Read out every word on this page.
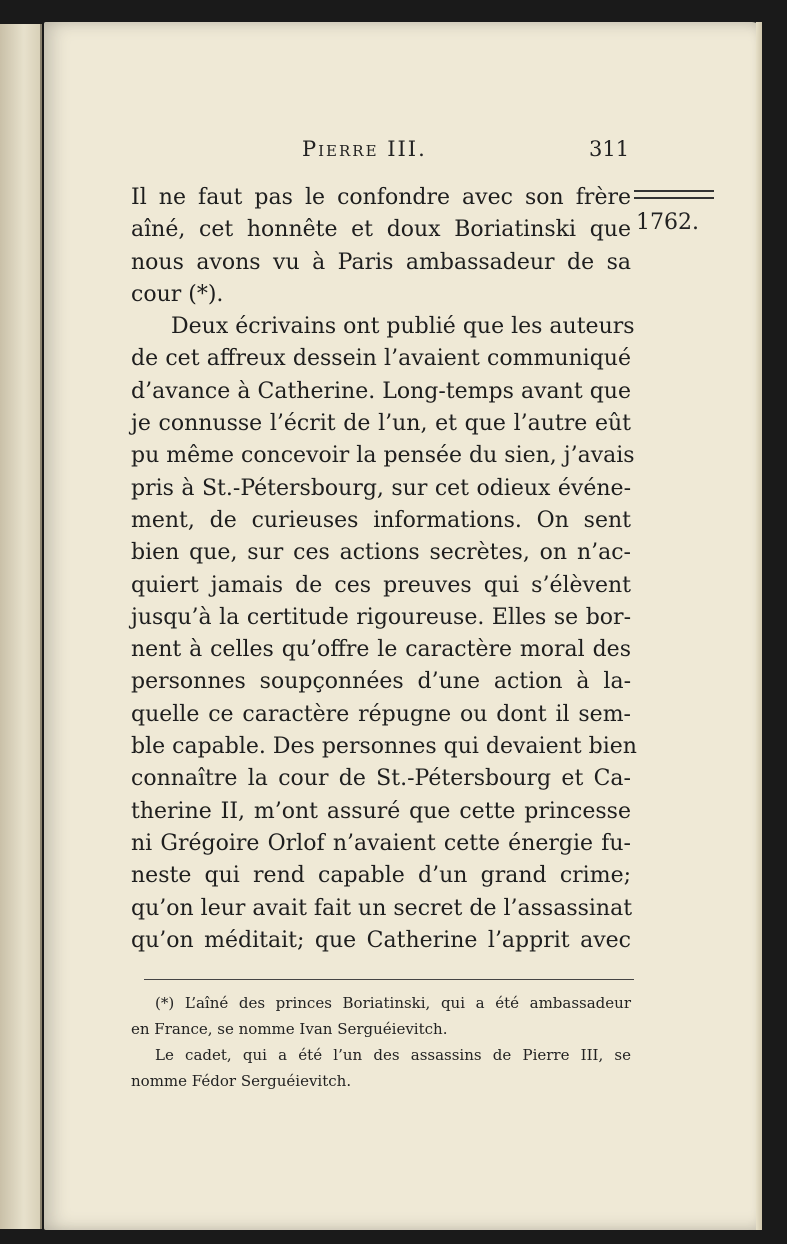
Pierre III.	311
1762.
Il ne faut pas le confondre avec son frère
aîné, cet honnête et doux Boriatinski que
nous avons vu à Paris ambassadeur de sa
cour (*).
Deux écrivains ont publié que les auteurs
de cet affreux dessein l’avaient communiqué
d’avance à Catherine. Long-temps avant que
je connusse l’écrit de l’un, et que l’autre eût
pu même concevoir la pensée du sien, j’avais
pris à St.-Pétersbourg, sur cet odieux événe-
ment, de curieuses informations. On sent
bien que, sur ces actions secrètes, on n’ac-
quiert jamais de ces preuves qui s’élèvent
jusqu’à la certitude rigoureuse. Elles se bor-
nent à celles qu’offre le caractère moral des
personnes soupçonnées d’une action à la-
quelle ce caractère répugne ou dont il sem-
ble capable. Des personnes qui devaient bien
connaître la cour de St.-Pétersbourg et Ca-
therine II, m’ont assuré que cette princesse
ni Grégoire Orlof n’avaient cette énergie fu-
neste qui rend capable d’un grand crime;
qu’on leur avait fait un secret de l’assassinat
qu’on méditait; que Catherine l’apprit avec
(*) L’aîné des princes Boriatinski, qui a été ambassadeur
en France, se nomme Ivan Serguéievitch.
Le cadet, qui a été l’un des assassins de Pierre III, se
nomme Fédor Serguéievitch.
